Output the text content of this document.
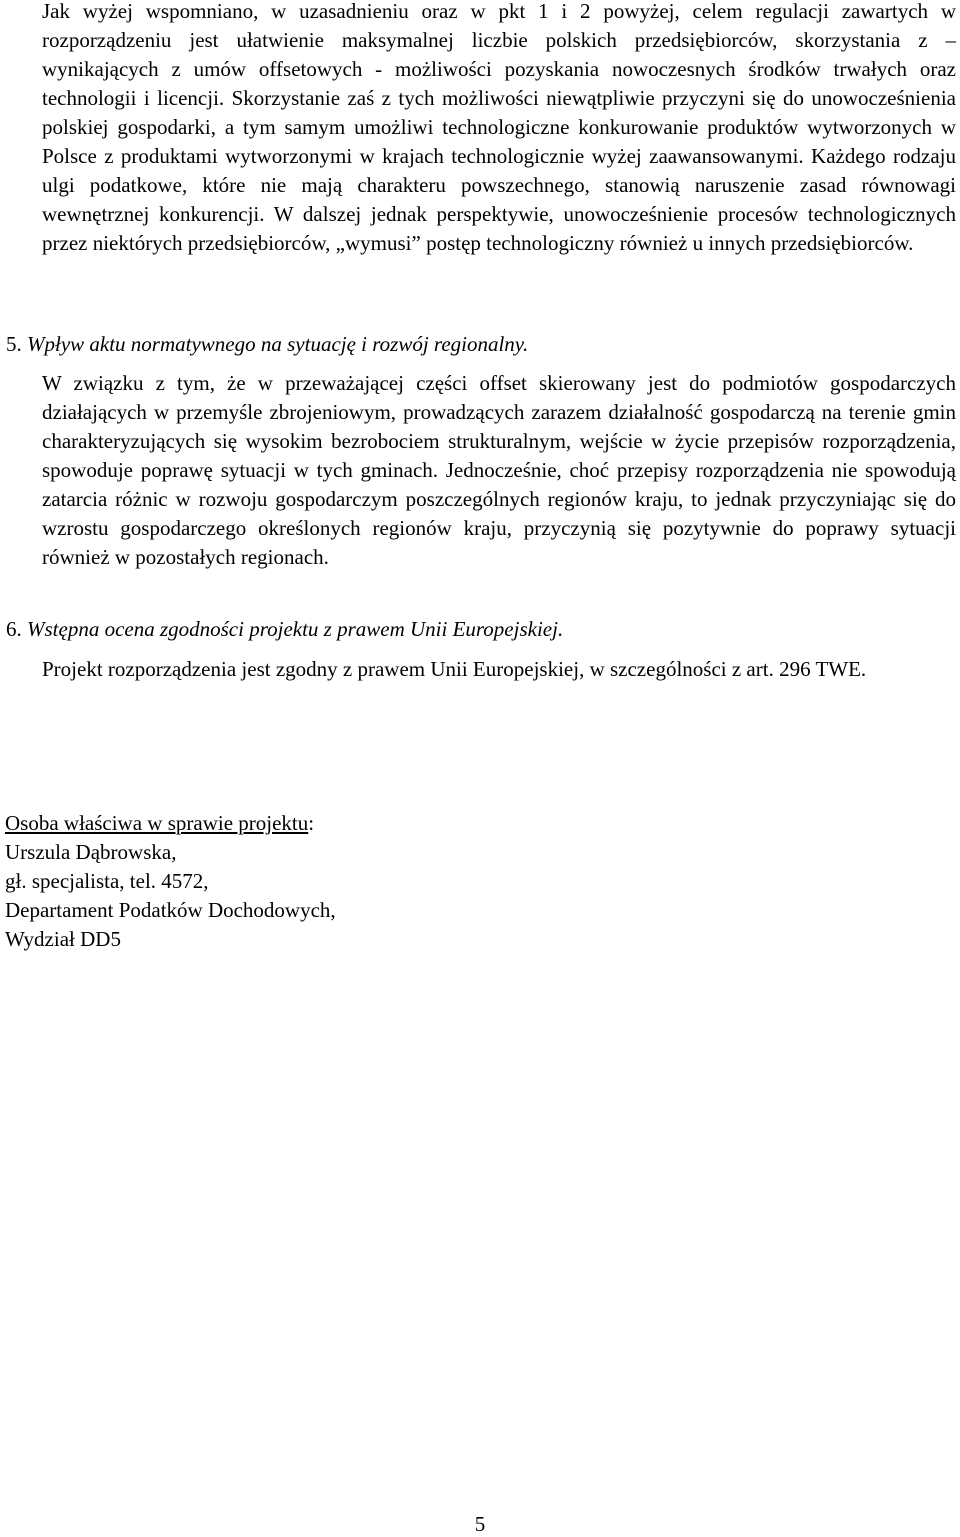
Jak wyżej wspomniano, w uzasadnieniu oraz w pkt 1 i 2 powyżej, celem regulacji zawartych w rozporządzeniu jest ułatwienie maksymalnej liczbie polskich przedsiębiorców, skorzystania z – wynikających z umów offsetowych - możliwości pozyskania nowoczesnych środków trwałych oraz technologii i licencji. Skorzystanie zaś z tych możliwości niewątpliwie przyczyni się do unowocześnienia polskiej gospodarki, a tym samym umożliwi technologiczne konkurowanie produktów wytworzonych w Polsce z produktami wytworzonymi w krajach technologicznie wyżej zaawansowanymi. Każdego rodzaju ulgi podatkowe, które nie mają charakteru powszechnego, stanowią naruszenie zasad równowagi wewnętrznej konkurencji. W dalszej jednak perspektywie, unowocześnienie procesów technologicznych przez niektórych przedsiębiorców, „wymusi” postęp technologiczny również u innych przedsiębiorców.

5. Wpływ aktu normatywnego na sytuację i rozwój regionalny.

W związku z tym, że w przeważającej części offset skierowany jest do podmiotów gospodarczych działających w przemyśle zbrojeniowym, prowadzących zarazem działalność gospodarczą na terenie gmin charakteryzujących się wysokim bezrobociem strukturalnym, wejście w życie przepisów rozporządzenia, spowoduje poprawę sytuacji w tych gminach. Jednocześnie, choć przepisy rozporządzenia nie spowodują zatarcia różnic w rozwoju gospodarczym poszczególnych regionów kraju, to jednak przyczyniając się do wzrostu gospodarczego określonych regionów kraju, przyczynią się pozytywnie do poprawy sytuacji również w pozostałych regionach.

6. Wstępna ocena zgodności projektu z prawem Unii Europejskiej.

Projekt rozporządzenia jest zgodny z prawem Unii Europejskiej, w szczególności z art. 296 TWE.

Osoba właściwa w sprawie projektu:
Urszula Dąbrowska,
gł. specjalista, tel. 4572,
Departament Podatków Dochodowych,
Wydział DD5
5
